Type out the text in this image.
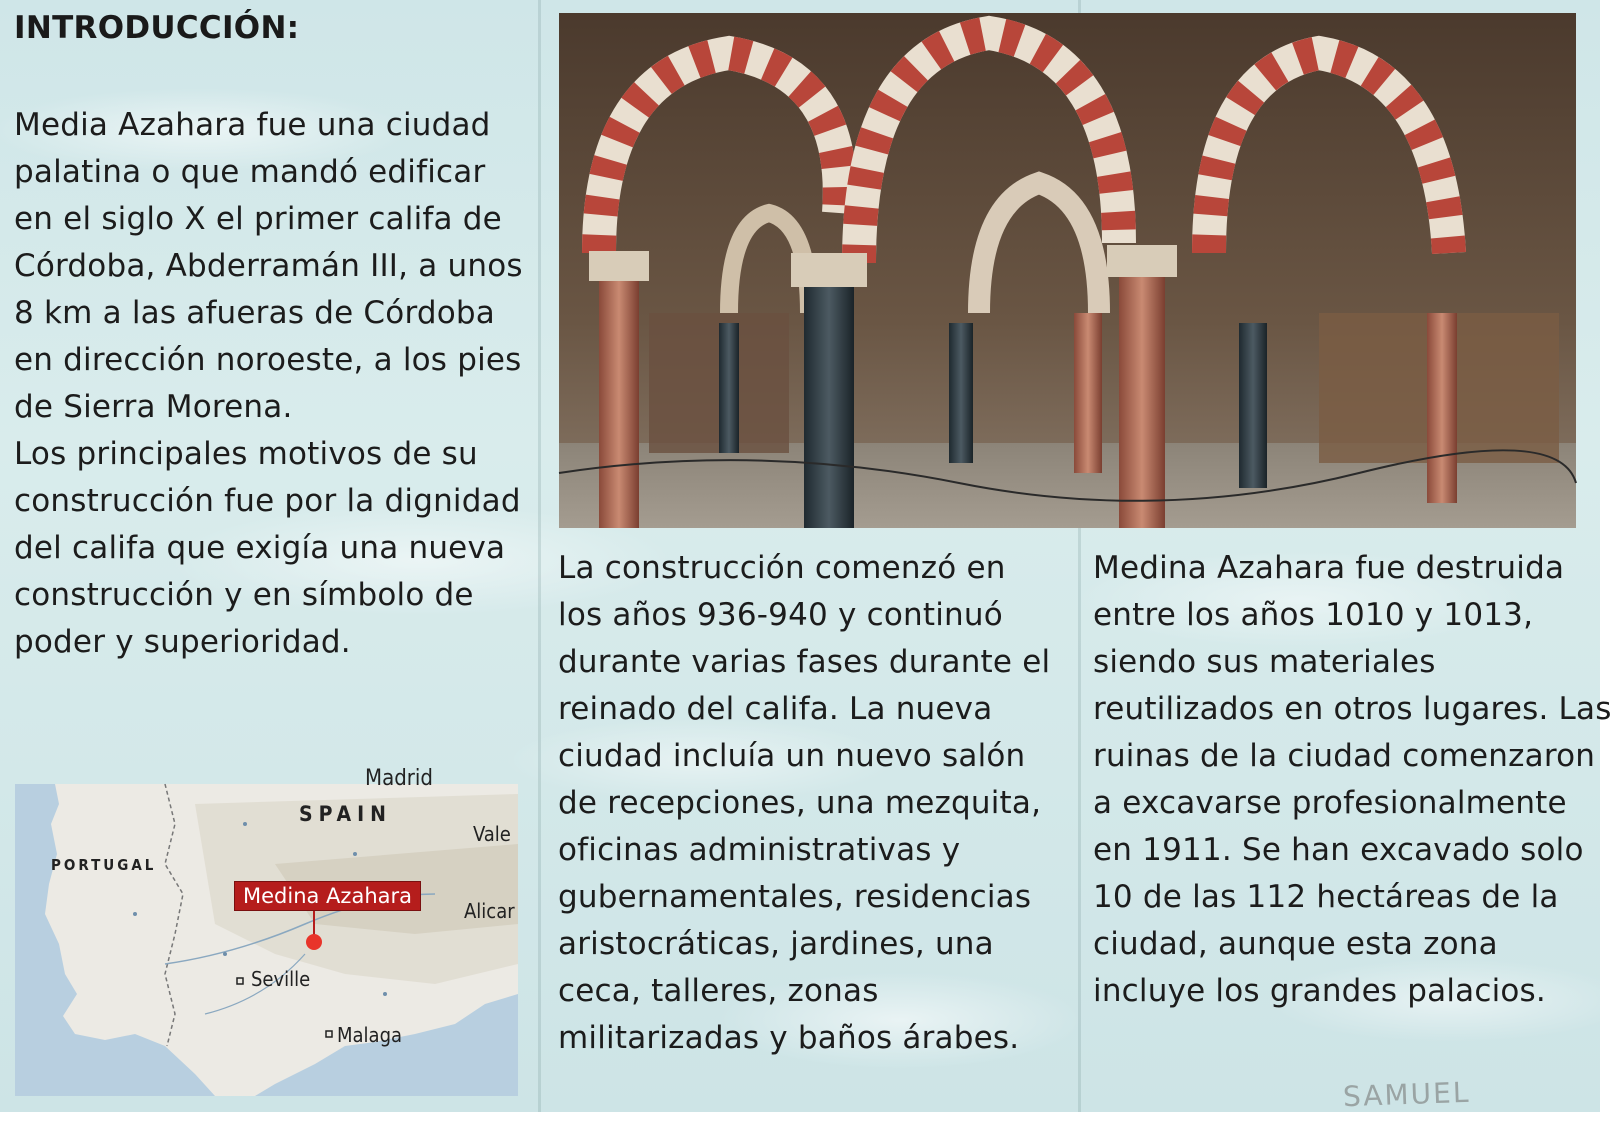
INTRODUCCIÓN:

Media Azahara fue una ciudad palatina o que mandó edificar en el siglo X el primer califa de Córdoba, Abderramán III, a unos 8 km a las afueras de Córdoba en dirección noroeste, a los pies de Sierra Morena.
Los principales motivos de su construcción fue por la dignidad del califa que exigía una nueva construcción y en símbolo de poder y superioridad.

Madrid
SPAIN
PORTUGAL
Vale
Alicar
Seville
Malaga
Medina Azahara

La construcción comenzó en los años 936-940 y continuó durante varias fases durante el reinado del califa. La nueva ciudad incluía un nuevo salón de recepciones, una mezquita, oficinas administrativas y gubernamentales, residencias aristocráticas, jardines, una ceca, talleres, zonas militarizadas y baños árabes.

Medina Azahara fue destruida entre los años 1010 y 1013, siendo sus materiales reutilizados en otros lugares. Las ruinas de la ciudad comenzaron a excavarse profesionalmente en 1911. Se han excavado solo 10 de las 112 hectáreas de la ciudad, aunque esta zona incluye los grandes palacios.

SAMUEL
